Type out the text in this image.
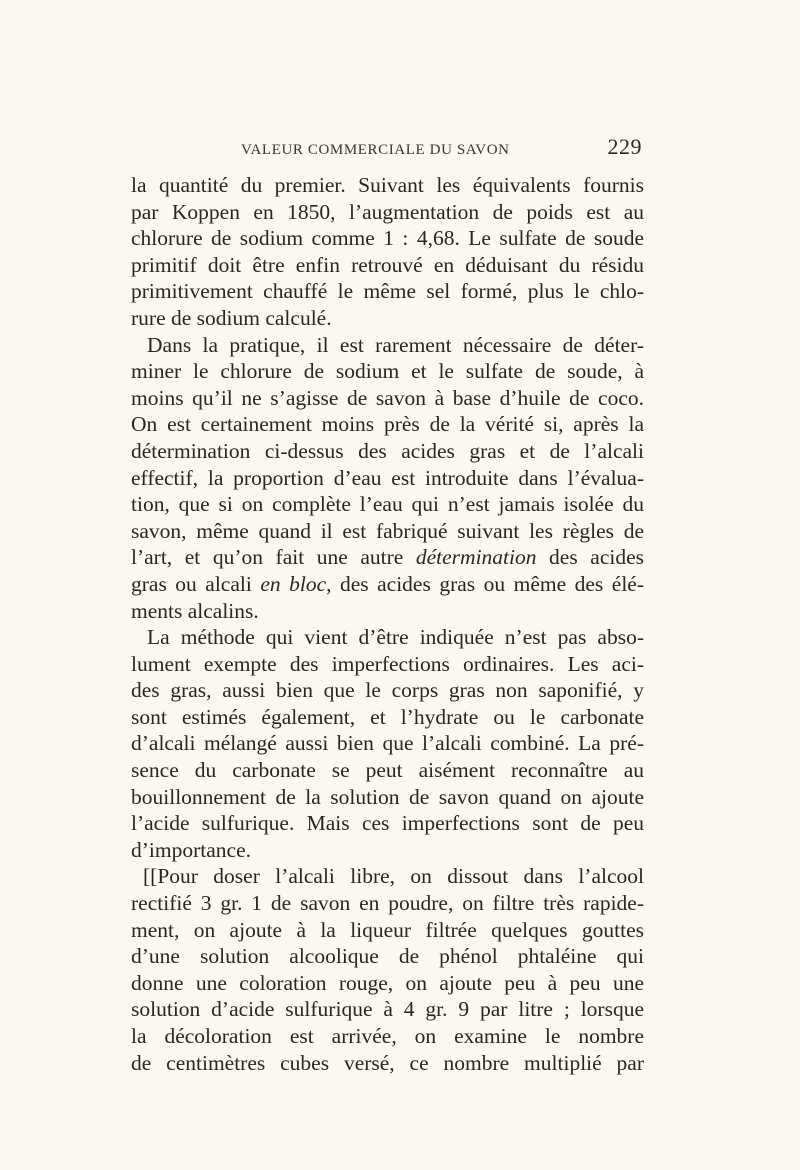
VALEUR COMMERCIALE DU SAVON	229
la quantité du premier. Suivant les équivalents fournis
par Koppen en 1850, l’augmentation de poids est au
chlorure de sodium comme 1 : 4,68. Le sulfate de soude
primitif doit être enfin retrouvé en déduisant du résidu
primitivement chauffé le même sel formé, plus le chlo-
rure de sodium calculé.
Dans la pratique, il est rarement nécessaire de déter-
miner le chlorure de sodium et le sulfate de soude, à
moins qu’il ne s’agisse de savon à base d’huile de coco.
On est certainement moins près de la vérité si, après la
détermination ci-dessus des acides gras et de l’alcali
effectif, la proportion d’eau est introduite dans l’évalua-
tion, que si on complète l’eau qui n’est jamais isolée du
savon, même quand il est fabriqué suivant les règles de
l’art, et qu’on fait une autre détermination des acides
gras ou alcali en bloc, des acides gras ou même des élé-
ments alcalins.
La méthode qui vient d’être indiquée n’est pas abso-
lument exempte des imperfections ordinaires. Les aci-
des gras, aussi bien que le corps gras non saponifié, y
sont estimés également, et l’hydrate ou le carbonate
d’alcali mélangé aussi bien que l’alcali combiné. La pré-
sence du carbonate se peut aisément reconnaître au
bouillonnement de la solution de savon quand on ajoute
l’acide sulfurique. Mais ces imperfections sont de peu
d’importance.
[[Pour doser l’alcali libre, on dissout dans l’alcool
rectifié 3 gr. 1 de savon en poudre, on filtre très rapide-
ment, on ajoute à la liqueur filtrée quelques gouttes
d’une solution alcoolique de phénol phtaléine qui
donne une coloration rouge, on ajoute peu à peu une
solution d’acide sulfurique à 4 gr. 9 par litre ; lorsque
la décoloration est arrivée, on examine le nombre
de centimètres cubes versé, ce nombre multiplié par
